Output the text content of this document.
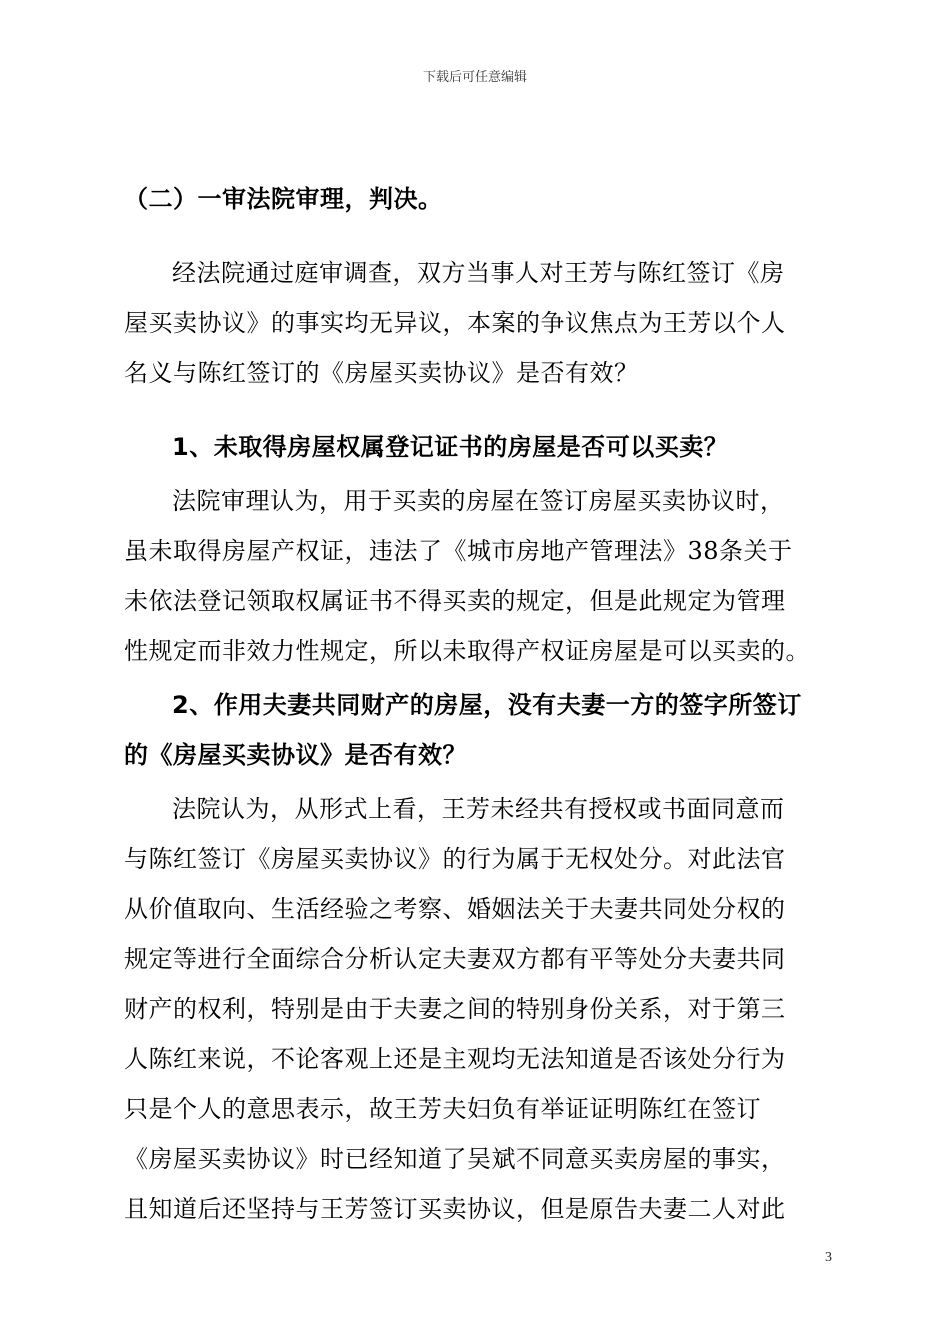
下载后可任意编辑
（二）一审法院审理，判决。
经法院通过庭审调查，双方当事人对王芳与陈红签订《房
屋买卖协议》的事实均无异议，本案的争议焦点为王芳以个人
名义与陈红签订的《房屋买卖协议》是否有效？
1、未取得房屋权属登记证书的房屋是否可以买卖？
法院审理认为，用于买卖的房屋在签订房屋买卖协议时，
虽未取得房屋产权证，违法了《城市房地产管理法》38条关于
未依法登记领取权属证书不得买卖的规定，但是此规定为管理
性规定而非效力性规定，所以未取得产权证房屋是可以买卖的。
2、作用夫妻共同财产的房屋，没有夫妻一方的签字所签订
的《房屋买卖协议》是否有效？
法院认为，从形式上看，王芳未经共有授权或书面同意而
与陈红签订《房屋买卖协议》的行为属于无权处分。对此法官
从价值取向、生活经验之考察、婚姻法关于夫妻共同处分权的
规定等进行全面综合分析认定夫妻双方都有平等处分夫妻共同
财产的权利，特别是由于夫妻之间的特别身份关系，对于第三
人陈红来说，不论客观上还是主观均无法知道是否该处分行为
只是个人的意思表示，故王芳夫妇负有举证证明陈红在签订
《房屋买卖协议》时已经知道了吴斌不同意买卖房屋的事实，
且知道后还坚持与王芳签订买卖协议，但是原告夫妻二人对此
3
